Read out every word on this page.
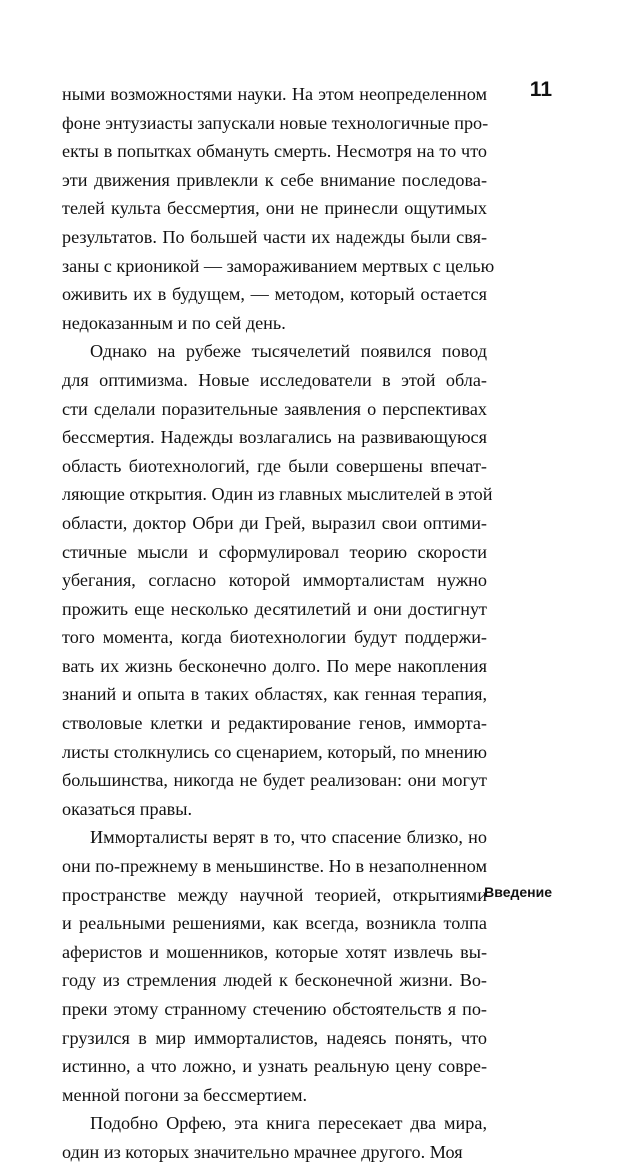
11

ными возможностями науки. На этом неопределенном
фоне энтузиасты запускали новые технологичные про-
екты в попытках обмануть смерть. Несмотря на то что
эти движения привлекли к себе внимание последова-
телей культа бессмертия, они не принесли ощутимых
результатов. По большей части их надежды были свя-
заны с крионикой — замораживанием мертвых с целью
оживить их в будущем, — методом, который остается
недоказанным и по сей день.

Однако на рубеже тысячелетий появился повод
для оптимизма. Новые исследователи в этой обла-
сти сделали поразительные заявления о перспективах
бессмертия. Надежды возлагались на развивающуюся
область биотехнологий, где были совершены впечат-
ляющие открытия. Один из главных мыслителей в этой
области, доктор Обри ди Грей, выразил свои оптими-
стичные мысли и сформулировал теорию скорости
убегания, согласно которой имморталистам нужно
прожить еще несколько десятилетий и они достигнут
того момента, когда биотехнологии будут поддержи-
вать их жизнь бесконечно долго. По мере накопления
знаний и опыта в таких областях, как генная терапия,
стволовые клетки и редактирование генов, имморта-
листы столкнулись со сценарием, который, по мнению
большинства, никогда не будет реализован: они могут
оказаться правы.

Имморталисты верят в то, что спасение близко, но
они по-прежнему в меньшинстве. Но в незаполненном
пространстве между научной теорией, открытиями
и реальными решениями, как всегда, возникла толпа
аферистов и мошенников, которые хотят извлечь вы-
году из стремления людей к бесконечной жизни. Во-
преки этому странному стечению обстоятельств я по-
грузился в мир имморталистов, надеясь понять, что
истинно, а что ложно, и узнать реальную цену совре-
менной погони за бессмертием.

Подобно Орфею, эта книга пересекает два мира,
один из которых значительно мрачнее другого. Моя

Введение
